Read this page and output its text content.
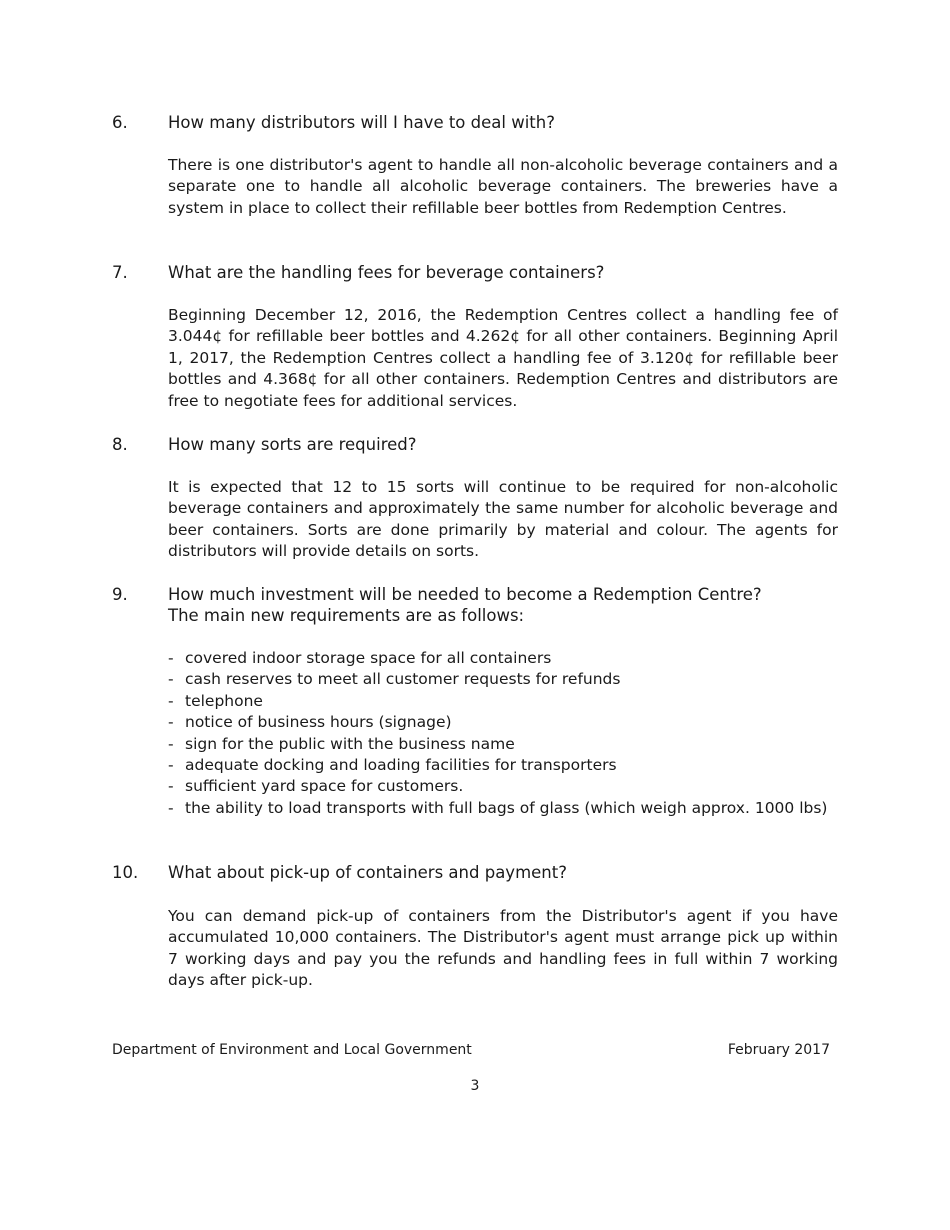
6. How many distributors will I have to deal with?

There is one distributor's agent to handle all non-alcoholic beverage containers and a separate one to handle all alcoholic beverage containers. The breweries have a system in place to collect their refillable beer bottles from Redemption Centres.

7. What are the handling fees for beverage containers?

Beginning December 12, 2016, the Redemption Centres collect a handling fee of 3.044¢ for refillable beer bottles and 4.262¢ for all other containers. Beginning April 1, 2017, the Redemption Centres collect a handling fee of 3.120¢ for refillable beer bottles and 4.368¢ for all other containers. Redemption Centres and distributors are free to negotiate fees for additional services.

8. How many sorts are required?

It is expected that 12 to 15 sorts will continue to be required for non-alcoholic beverage containers and approximately the same number for alcoholic beverage and beer containers. Sorts are done primarily by material and colour. The agents for distributors will provide details on sorts.

9. How much investment will be needed to become a Redemption Centre?
The main new requirements are as follows:
- covered indoor storage space for all containers
- cash reserves to meet all customer requests for refunds
- telephone
- notice of business hours (signage)
- sign for the public with the business name
- adequate docking and loading facilities for transporters
- sufficient yard space for customers.
- the ability to load transports with full bags of glass (which weigh approx. 1000 lbs)
10. What about pick-up of containers and payment?

You can demand pick-up of containers from the Distributor's agent if you have accumulated 10,000 containers. The Distributor's agent must arrange pick up within 7 working days and pay you the refunds and handling fees in full within 7 working days after pick-up.

Department of Environment and Local Government	February 2017
3
